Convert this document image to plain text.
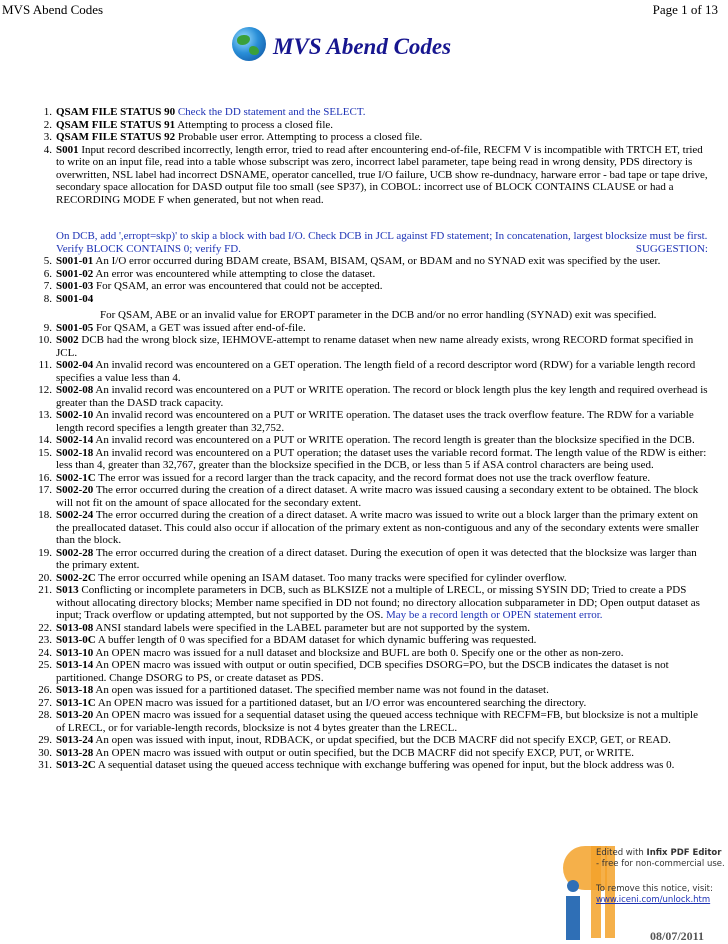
MVS Abend Codes	Page 1 of 13
MVS Abend Codes
1. QSAM FILE STATUS 90 Check the DD statement and the SELECT.
2. QSAM FILE STATUS 91 Attempting to process a closed file.
3. QSAM FILE STATUS 92 Probable user error. Attempting to process a closed file.
4. S001 Input record described incorrectly, length error, tried to read after encountering end-of-file, RECFM V is incompatible with TRTCH ET, tried to write on an input file, read into a table whose subscript was zero, incorrect label parameter, tape being read in wrong density, PDS directory is overwritten, NSL label had incorrect DSNAME, operator cancelled, true I/O failure, UCB show re-dundnacy, harware error - bad tape or tape drive, secondary space allocation for DASD output file too small (see SP37), in COBOL: incorrect use of BLOCK CONTAINS CLAUSE or had a RECORDING MODE F when generated, but not when read.
On DCB, add ',erropt=skp)' to skip a block with bad I/O. Check DCB in JCL against FD statement; In concatenation, largest blocksize must be first. Verify BLOCK CONTAINS 0; verify FD.	SUGGESTION:
5. S001-01 An I/O error occurred during BDAM create, BSAM, BISAM, QSAM, or BDAM and no SYNAD exit was specified by the user.
6. S001-02 An error was encountered while attempting to close the dataset.
7. S001-03 For QSAM, an error was encountered that could not be accepted.
8. S001-04
For QSAM, ABE or an invalid value for EROPT parameter in the DCB and/or no error handling (SYNAD) exit was specified.
9. S001-05 For QSAM, a GET was issued after end-of-file.
10. S002 DCB had the wrong block size, IEHMOVE-attempt to rename dataset when new name already exists, wrong RECORD format specified in JCL.
11. S002-04 An invalid record was encountered on a GET operation. The length field of a record descriptor word (RDW) for a variable length record specifies a value less than 4.
12. S002-08 An invalid record was encountered on a PUT or WRITE operation. The record or block length plus the key length and required overhead is greater than the DASD track capacity.
13. S002-10 An invalid record was encountered on a PUT or WRITE operation. The dataset uses the track overflow feature. The RDW for a variable length record specifies a length greater than 32,752.
14. S002-14 An invalid record was encountered on a PUT or WRITE operation. The record length is greater than the blocksize specified in the DCB.
15. S002-18 An invalid record was encountered on a PUT operation; the dataset uses the variable record format. The length value of the RDW is either: less than 4, greater than 32,767, greater than the blocksize specified in the DCB, or less than 5 if ASA control characters are being used.
16. S002-1C The error was issued for a record larger than the track capacity, and the record format does not use the track overflow feature.
17. S002-20 The error occurred during the creation of a direct dataset. A write macro was issued causing a secondary extent to be obtained. The block will not fit on the amount of space allocated for the secondary extent.
18. S002-24 The error occurred during the creation of a direct dataset. A write macro was issued to write out a block larger than the primary extent on the preallocated dataset. This could also occur if allocation of the primary extent as non-contiguous and any of the secondary extents were smaller than the block.
19. S002-28 The error occurred during the creation of a direct dataset. During the execution of open it was detected that the blocksize was larger than the primary extent.
20. S002-2C The error occurred while opening an ISAM dataset. Too many tracks were specified for cylinder overflow.
21. S013 Conflicting or incomplete parameters in DCB, such as BLKSIZE not a multiple of LRECL, or missing SYSIN DD; Tried to create a PDS without allocating directory blocks; Member name specified in DD not found; no directory allocation subparameter in DD; Open output dataset as input; Track overflow or updating attempted, but not supported by the OS. May be a record length or OPEN statement error.
22. S013-08 ANSI standard labels were specified in the LABEL parameter but are not supported by the system.
23. S013-0C A buffer length of 0 was specified for a BDAM dataset for which dynamic buffering was requested.
24. S013-10 An OPEN macro was issued for a null dataset and blocksize and BUFL are both 0. Specify one or the other as non-zero.
25. S013-14 An OPEN macro was issued with output or outin specified, DCB specifies DSORG=PO, but the DSCB indicates the dataset is not partitioned. Change DSORG to PS, or create dataset as PDS.
26. S013-18 An open was issued for a partitioned dataset. The specified member name was not found in the dataset.
27. S013-1C An OPEN macro was issued for a partitioned dataset, but an I/O error was encountered searching the directory.
28. S013-20 An OPEN macro was issued for a sequential dataset using the queued access technique with RECFM=FB, but blocksize is not a multiple of LRECL, or for variable-length records, blocksize is not 4 bytes greater than the LRECL.
29. S013-24 An open was issued with input, inout, RDBACK, or updat specified, but the DCB MACRF did not specify EXCP, GET, or READ.
30. S013-28 An OPEN macro was issued with output or outin specified, but the DCB MACRF did not specify EXCP, PUT, or WRITE.
31. S013-2C A sequential dataset using the queued access technique with exchange buffering was opened for input, but the block address was 0.
Edited with Infix PDF Editor
- free for non-commercial use.
To remove this notice, visit:
www.iceni.com/unlock.htm
08/07/2011
